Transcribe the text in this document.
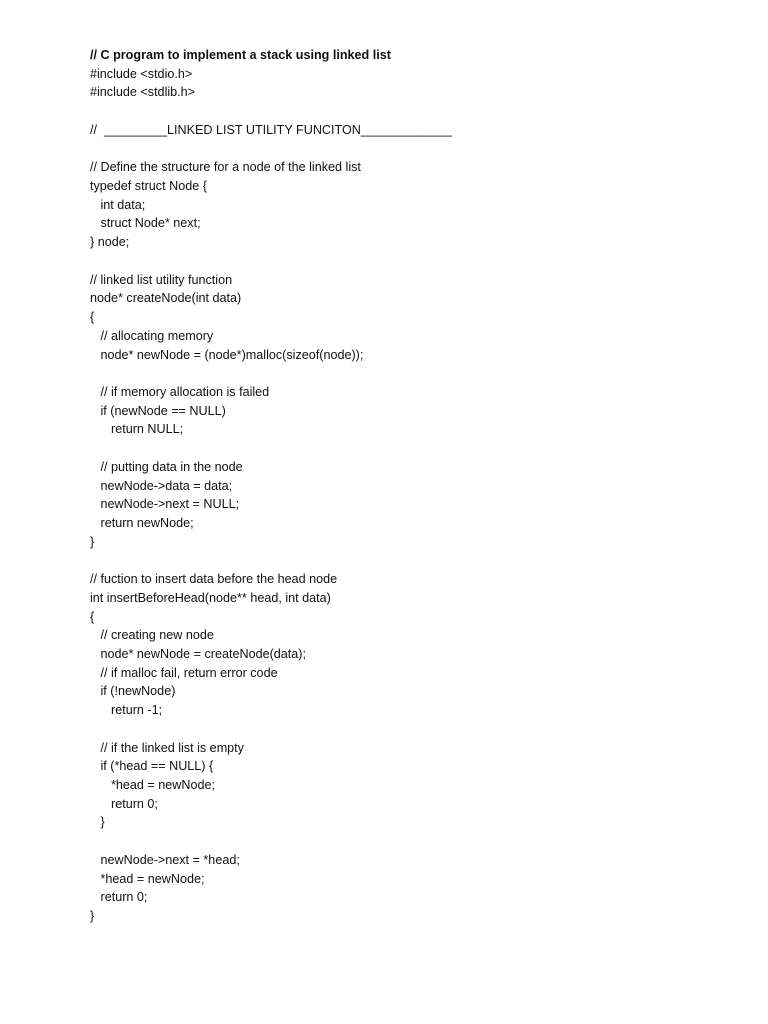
// C program to implement a stack using linked list
#include <stdio.h>
#include <stdlib.h>
//  _________LINKED LIST UTILITY FUNCITON_____________
// Define the structure for a node of the linked list
typedef struct Node {
int data;
struct Node* next;
} node;
// linked list utility function
node* createNode(int data)
{
// allocating memory
node* newNode = (node*)malloc(sizeof(node));
// if memory allocation is failed
if (newNode == NULL)
return NULL;
// putting data in the node
newNode->data = data;
newNode->next = NULL;
return newNode;
}
// fuction to insert data before the head node
int insertBeforeHead(node** head, int data)
{
// creating new node
node* newNode = createNode(data);
// if malloc fail, return error code
if (!newNode)
return -1;
// if the linked list is empty
if (*head == NULL) {
*head = newNode;
return 0;
}
newNode->next = *head;
*head = newNode;
return 0;
}
